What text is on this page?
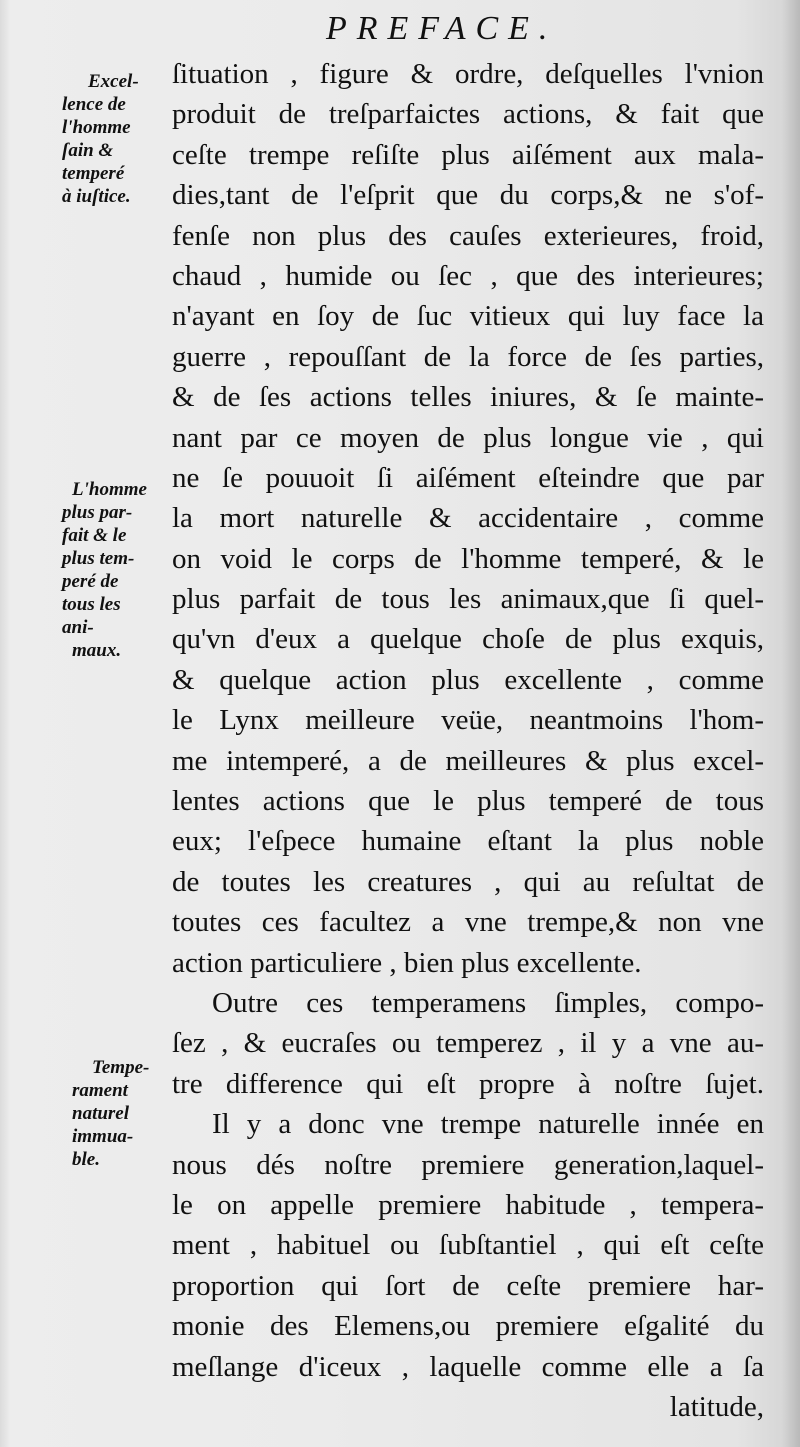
PREFACE.
Excel-
lence de
l'homme
ſain &
temperé
à iuſtice.
L'homme
plus par-
fait & le
plus tem-
peré de
tous les
ani-
maux.
Tempe-
rament
naturel
immua-
ble.
ſituation , figure & ordre, deſquelles l'vnion
produit de treſparfaictes actions, & fait que
ceſte trempe reſiſte plus aiſément aux mala-
dies,tant de l'eſprit que du corps,& ne s'of-
fenſe non plus des cauſes exterieures, froid,
chaud , humide ou ſec , que des interieures;
n'ayant en ſoy de ſuc vitieux qui luy face la
guerre , repouſſant de la force de ſes parties,
& de ſes actions telles iniures, & ſe mainte-
nant par ce moyen de plus longue vie , qui
ne ſe pouuoit ſi aiſément eſteindre que par
la mort naturelle & accidentaire , comme
on void le corps de l'homme temperé, & le
plus parfait de tous les animaux,que ſi quel-
qu'vn d'eux a quelque choſe de plus exquis,
& quelque action plus excellente , comme
le Lynx meilleure veüe, neantmoins l'hom-
me intemperé, a de meilleures & plus excel-
lentes actions que le plus temperé de tous
eux; l'eſpece humaine eſtant la plus noble
de toutes les creatures , qui au reſultat de
toutes ces facultez a vne trempe,& non vne
action particuliere , bien plus excellente.
Outre ces temperamens ſimples, compo-
ſez , & eucraſes ou temperez , il y a vne au-
tre difference qui eſt propre à noſtre ſujet.
Il y a donc vne trempe naturelle innée en
nous dés noſtre premiere generation,laquel-
le on appelle premiere habitude , tempera-
ment , habituel ou ſubſtantiel , qui eſt ceſte
proportion qui ſort de ceſte premiere har-
monie des Elemens,ou premiere eſgalité du
meſlange d'iceux , laquelle comme elle a ſa
latitude,
